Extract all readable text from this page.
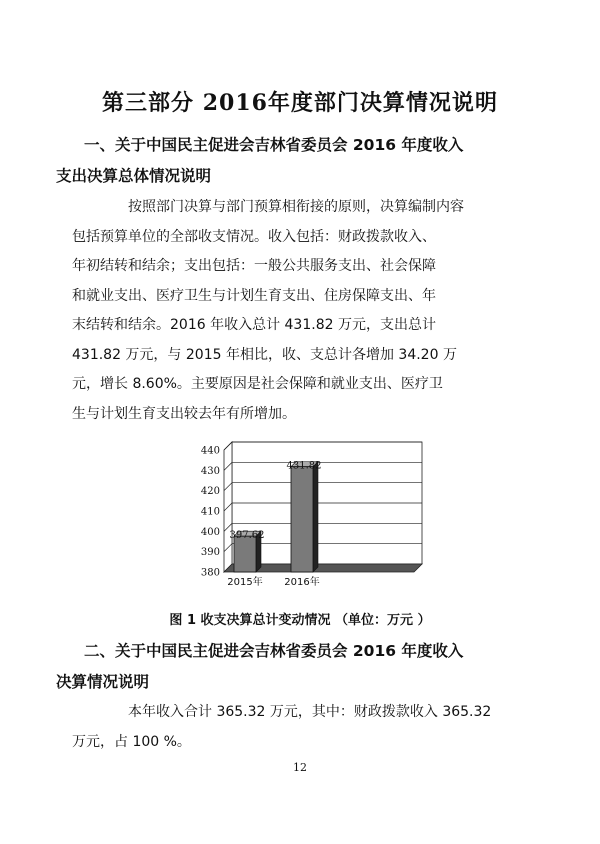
第三部分 2016年度部门决算情况说明
一、关于中国民主促进会吉林省委员会 2016 年度收入
支出决算总体情况说明
按照部门决算与部门预算相衔接的原则，决算编制内容
包括预算单位的全部收支情况。收入包括：财政拨款收入、
年初结转和结余；支出包括：一般公共服务支出、社会保障
和就业支出、医疗卫生与计划生育支出、住房保障支出、年
末结转和结余。2016 年收入总计 431.82 万元，支出总计
431.82 万元，与 2015 年相比，收、支总计各增加 34.20 万
元，增长 8.60%。主要原因是社会保障和就业支出、医疗卫
生与计划生育支出较去年有所增加。
380
390
400
410
420
430
440
397.62
2015年
431.82
2016年
图 1 收支决算总计变动情况 （单位：万元 ）
二、关于中国民主促进会吉林省委员会 2016 年度收入
决算情况说明
本年收入合计 365.32 万元，其中：财政拨款收入 365.32
万元，占 100 %。
12
